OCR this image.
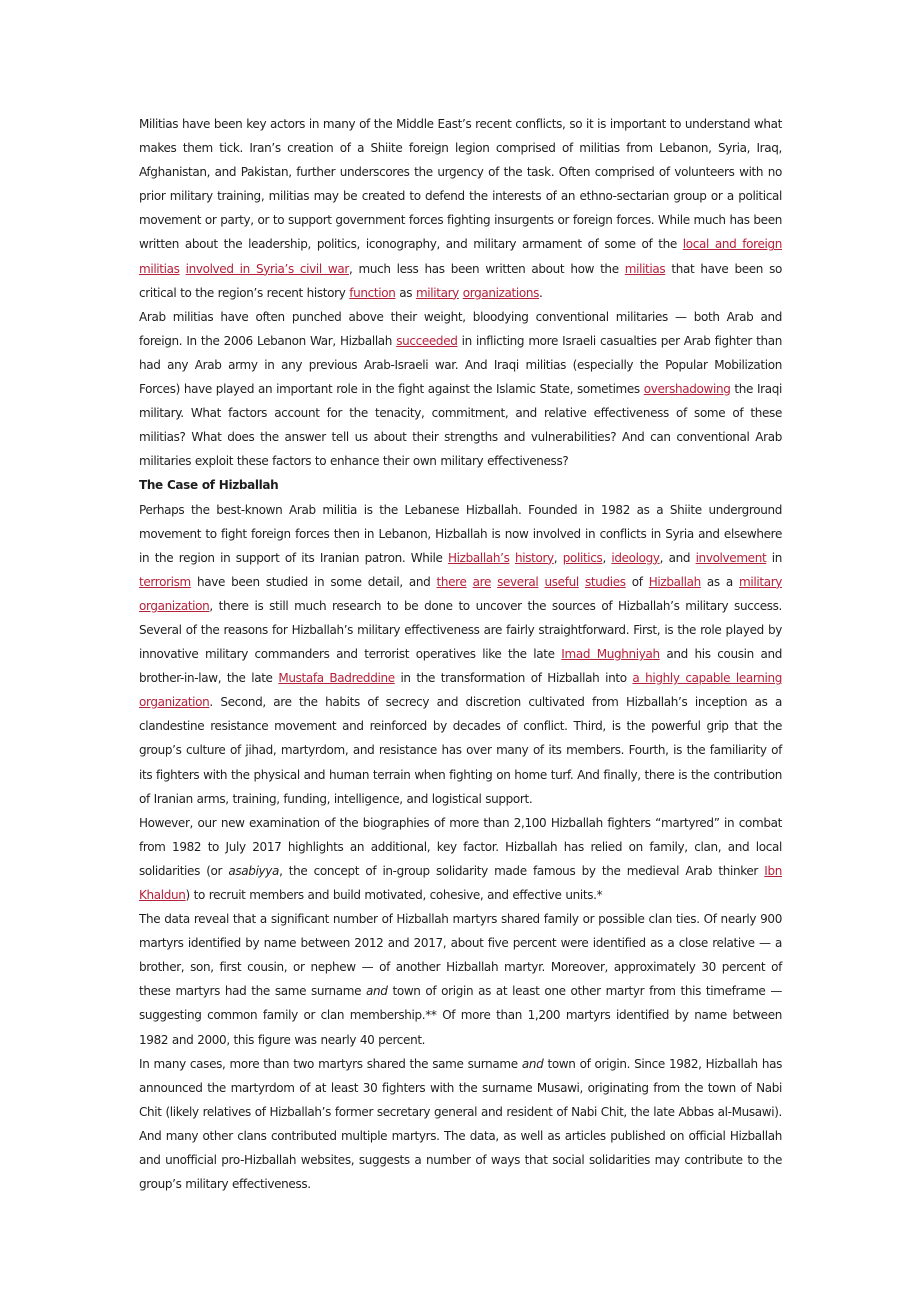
Militias have been key actors in many of the Middle East’s recent conflicts, so it is important to understand what makes them tick. Iran’s creation of a Shiite foreign legion comprised of militias from Lebanon, Syria, Iraq, Afghanistan, and Pakistan, further underscores the urgency of the task. Often comprised of volunteers with no prior military training, militias may be created to defend the interests of an ethno-sectarian group or a political movement or party, or to support government forces fighting insurgents or foreign forces. While much has been written about the leadership, politics, iconography, and military armament of some of the local and foreign militias involved in Syria’s civil war, much less has been written about how the militias that have been so critical to the region’s recent history function as military organizations.

Arab militias have often punched above their weight, bloodying conventional militaries — both Arab and foreign. In the 2006 Lebanon War, Hizballah succeeded in inflicting more Israeli casualties per Arab fighter than had any Arab army in any previous Arab-Israeli war. And Iraqi militias (especially the Popular Mobilization Forces) have played an important role in the fight against the Islamic State, sometimes overshadowing the Iraqi military. What factors account for the tenacity, commitment, and relative effectiveness of some of these militias? What does the answer tell us about their strengths and vulnerabilities? And can conventional Arab militaries exploit these factors to enhance their own military effectiveness?

The Case of Hizballah

Perhaps the best-known Arab militia is the Lebanese Hizballah. Founded in 1982 as a Shiite underground movement to fight foreign forces then in Lebanon, Hizballah is now involved in conflicts in Syria and elsewhere in the region in support of its Iranian patron. While Hizballah’s history, politics, ideology, and involvement in terrorism have been studied in some detail, and there are several useful studies of Hizballah as a military organization, there is still much research to be done to uncover the sources of Hizballah’s military success. Several of the reasons for Hizballah’s military effectiveness are fairly straightforward. First, is the role played by innovative military commanders and terrorist operatives like the late Imad Mughniyah and his cousin and brother-in-law, the late Mustafa Badreddine in the transformation of Hizballah into a highly capable learning organization. Second, are the habits of secrecy and discretion cultivated from Hizballah’s inception as a clandestine resistance movement and reinforced by decades of conflict. Third, is the powerful grip that the group’s culture of jihad, martyrdom, and resistance has over many of its members. Fourth, is the familiarity of its fighters with the physical and human terrain when fighting on home turf. And finally, there is the contribution of Iranian arms, training, funding, intelligence, and logistical support.

However, our new examination of the biographies of more than 2,100 Hizballah fighters “martyred” in combat from 1982 to July 2017 highlights an additional, key factor. Hizballah has relied on family, clan, and local solidarities (or asabiyya, the concept of in-group solidarity made famous by the medieval Arab thinker Ibn Khaldun) to recruit members and build motivated, cohesive, and effective units.*

The data reveal that a significant number of Hizballah martyrs shared family or possible clan ties. Of nearly 900 martyrs identified by name between 2012 and 2017, about five percent were identified as a close relative — a brother, son, first cousin, or nephew — of another Hizballah martyr. Moreover, approximately 30 percent of these martyrs had the same surname and town of origin as at least one other martyr from this timeframe — suggesting common family or clan membership.** Of more than 1,200 martyrs identified by name between 1982 and 2000, this figure was nearly 40 percent.

In many cases, more than two martyrs shared the same surname and town of origin. Since 1982, Hizballah has announced the martyrdom of at least 30 fighters with the surname Musawi, originating from the town of Nabi Chit (likely relatives of Hizballah’s former secretary general and resident of Nabi Chit, the late Abbas al-Musawi). And many other clans contributed multiple martyrs. The data, as well as articles published on official Hizballah and unofficial pro-Hizballah websites, suggests a number of ways that social solidarities may contribute to the group’s military effectiveness.
